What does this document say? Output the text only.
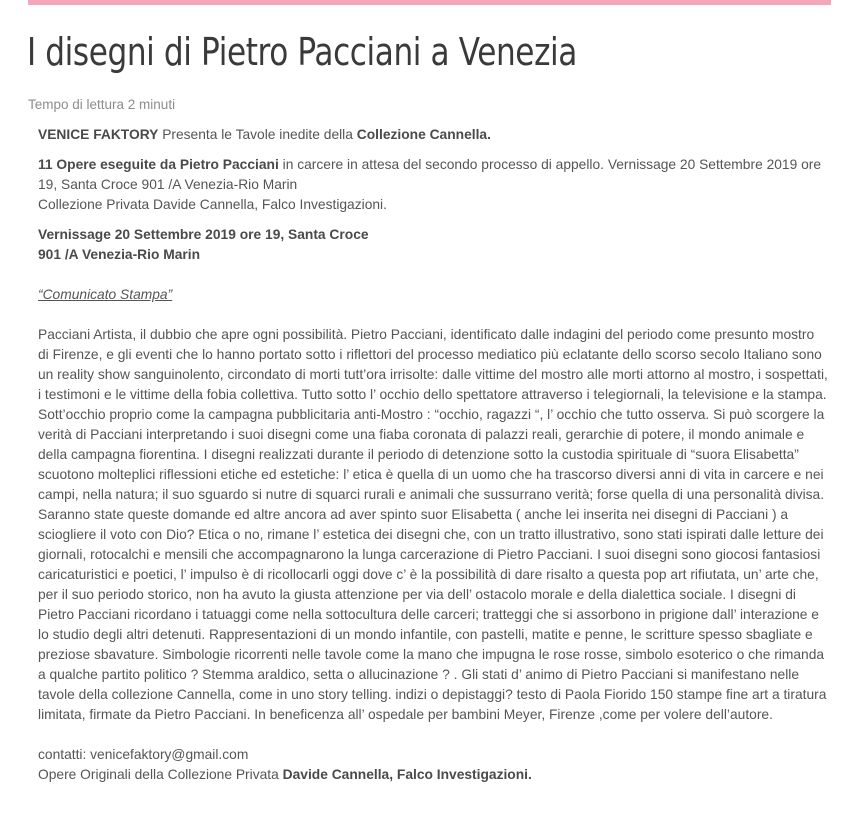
I disegni di Pietro Pacciani a Venezia
Tempo di lettura 2 minuti

VENICE FAKTORY Presenta le Tavole inedite della Collezione Cannella.

11 Opere eseguite da Pietro Pacciani in carcere in attesa del secondo processo di appello. Vernissage 20 Settembre 2019 ore 19, Santa Croce 901 /A Venezia-Rio Marin
Collezione Privata Davide Cannella, Falco Investigazioni.

Vernissage 20 Settembre 2019 ore 19, Santa Croce
901 /A Venezia-Rio Marin

“Comunicato Stampa”

Pacciani Artista, il dubbio che apre ogni possibilità. Pietro Pacciani, identificato dalle indagini del periodo come presunto mostro di Firenze, e gli eventi che lo hanno portato sotto i riflettori del processo mediatico più eclatante dello scorso secolo Italiano sono un reality show sanguinolento, circondato di morti tutt’ora irrisolte: dalle vittime del mostro alle morti attorno al mostro, i sospettati, i testimoni e le vittime della fobia collettiva. Tutto sotto l’ occhio dello spettatore attraverso i telegiornali, la televisione e la stampa. Sott’occhio proprio come la campagna pubblicitaria anti-Mostro : “occhio, ragazzi “, l’ occhio che tutto osserva. Si può scorgere la verità di Pacciani interpretando i suoi disegni come una fiaba coronata di palazzi reali, gerarchie di potere, il mondo animale e della campagna fiorentina. I disegni realizzati durante il periodo di detenzione sotto la custodia spirituale di “suora Elisabetta” scuotono molteplici riflessioni etiche ed estetiche: l’ etica è quella di un uomo che ha trascorso diversi anni di vita in carcere e nei campi, nella natura; il suo sguardo si nutre di squarci rurali e animali che sussurrano verità; forse quella di una personalità divisa. Saranno state queste domande ed altre ancora ad aver spinto suor Elisabetta ( anche lei inserita nei disegni di Pacciani ) a sciogliere il voto con Dio? Etica o no, rimane l’ estetica dei disegni che, con un tratto illustrativo, sono stati ispirati dalle letture dei giornali, rotocalchi e mensili che accompagnarono la lunga carcerazione di Pietro Pacciani. I suoi disegni sono giocosi fantasiosi caricaturistici e poetici, l’ impulso è di ricollocarli oggi dove c’ è la possibilità di dare risalto a questa pop art rifiutata, un’ arte che, per il suo periodo storico, non ha avuto la giusta attenzione per via dell’ ostacolo morale e della dialettica sociale. I disegni di Pietro Pacciani ricordano i tatuaggi come nella sottocultura delle carceri; tratteggi che si assorbono in prigione dall’ interazione e lo studio degli altri detenuti. Rappresentazioni di un mondo infantile, con pastelli, matite e penne, le scritture spesso sbagliate e preziose sbavature. Simbologie ricorrenti nelle tavole come la mano che impugna le rose rosse, simbolo esoterico o che rimanda a qualche partito politico ? Stemma araldico, setta o allucinazione ? . Gli stati d’ animo di Pietro Pacciani si manifestano nelle tavole della collezione Cannella, come in uno story telling. indizi o depistaggi? testo di Paola Fiorido 150 stampe fine art a tiratura limitata, firmate da Pietro Pacciani. In beneficenza all’ ospedale per bambini Meyer, Firenze ,come per volere dell’autore.

contatti: venicefaktory@gmail.com
Opere Originali della Collezione Privata Davide Cannella, Falco Investigazioni.
